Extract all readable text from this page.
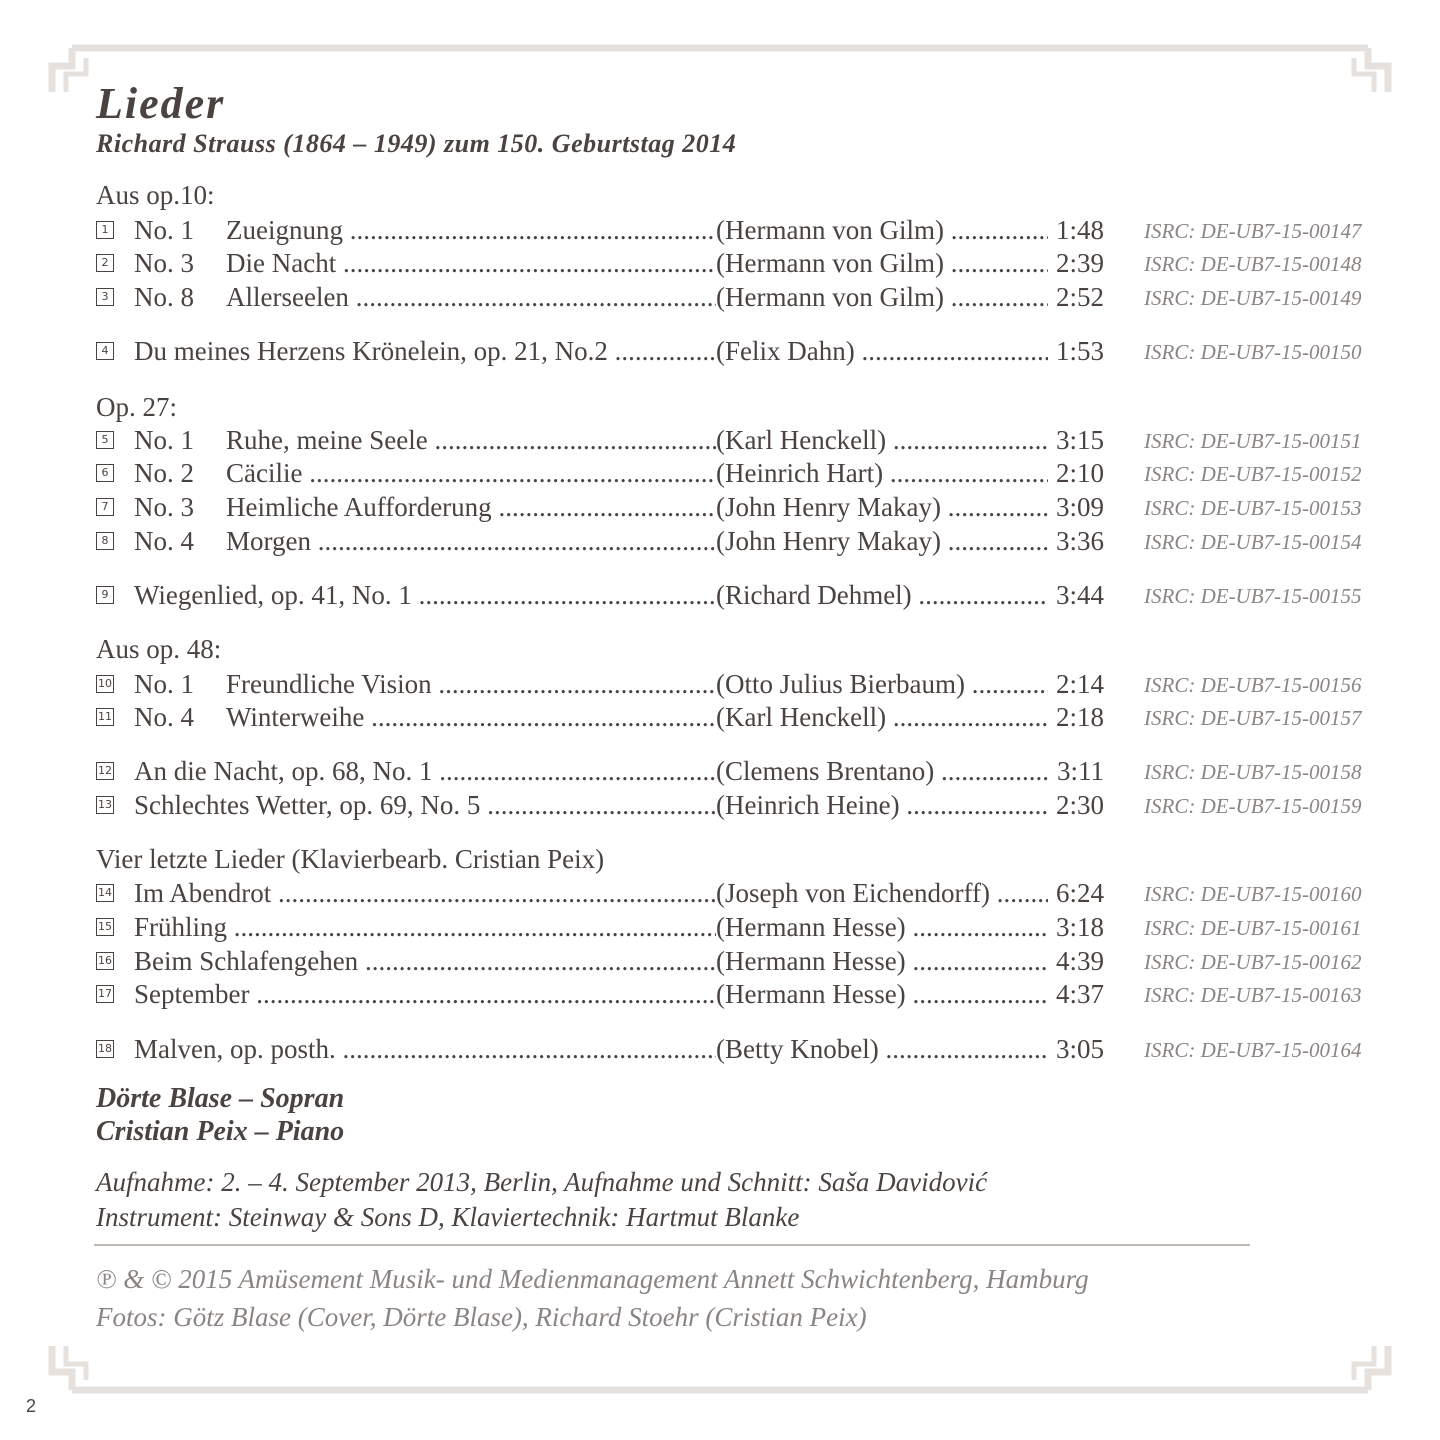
Lieder
Richard Strauss (1864 – 1949) zum 150. Geburtstag 2014
Aus op.10:
Op. 27:
Aus op. 48:
Vier letzte Lieder (Klavierbearb. Cristian Peix)
1 No. 1 Zueignung .....	(Hermann von Gilm) .....	1:48 ISRC: DE-UB7-15-00147
2 No. 3 Die Nacht .....	(Hermann von Gilm) .....	2:39 ISRC: DE-UB7-15-00148
3 No. 8 Allerseelen .....	(Hermann von Gilm) .....	2:52 ISRC: DE-UB7-15-00149
4 Du meines Herzens Krönelein, op. 21, No.2 .....	(Felix Dahn) .....	1:53 ISRC: DE-UB7-15-00150
5 No. 1 Ruhe, meine Seele .....	(Karl Henckell) .....	3:15 ISRC: DE-UB7-15-00151
6 No. 2 Cäcilie .....	(Heinrich Hart) .....	2:10 ISRC: DE-UB7-15-00152
7 No. 3 Heimliche Aufforderung .....	(John Henry Makay) .....	3:09 ISRC: DE-UB7-15-00153
8 No. 4 Morgen .....	(John Henry Makay) .....	3:36 ISRC: DE-UB7-15-00154
9 Wiegenlied, op. 41, No. 1 .....	(Richard Dehmel) .....	3:44 ISRC: DE-UB7-15-00155
10 No. 1 Freundliche Vision .....	(Otto Julius Bierbaum) .....	2:14 ISRC: DE-UB7-15-00156
11 No. 4 Winterweihe .....	(Karl Henckell) .....	2:18 ISRC: DE-UB7-15-00157
12 An die Nacht, op. 68, No. 1 .....	(Clemens Brentano) .....	3:11 ISRC: DE-UB7-15-00158
13 Schlechtes Wetter, op. 69, No. 5 .....	(Heinrich Heine) .....	2:30 ISRC: DE-UB7-15-00159
14 Im Abendrot .....	(Joseph von Eichendorff) .....	6:24 ISRC: DE-UB7-15-00160
15 Frühling .....	(Hermann Hesse) .....	3:18 ISRC: DE-UB7-15-00161
16 Beim Schlafengehen .....	(Hermann Hesse) .....	4:39 ISRC: DE-UB7-15-00162
17 September .....	(Hermann Hesse) .....	4:37 ISRC: DE-UB7-15-00163
18 Malven, op. posth. .....	(Betty Knobel) .....	3:05 ISRC: DE-UB7-15-00164
Dörte Blase – Sopran
Cristian Peix – Piano
Aufnahme: 2. – 4. September 2013, Berlin, Aufnahme und Schnitt: Saša Davidović
Instrument: Steinway & Sons D, Klaviertechnik: Hartmut Blanke
℗ & © 2015 Amüsement Musik- und Medienmanagement Annett Schwichtenberg, Hamburg
Fotos: Götz Blase (Cover, Dörte Blase), Richard Stoehr (Cristian Peix)
2
